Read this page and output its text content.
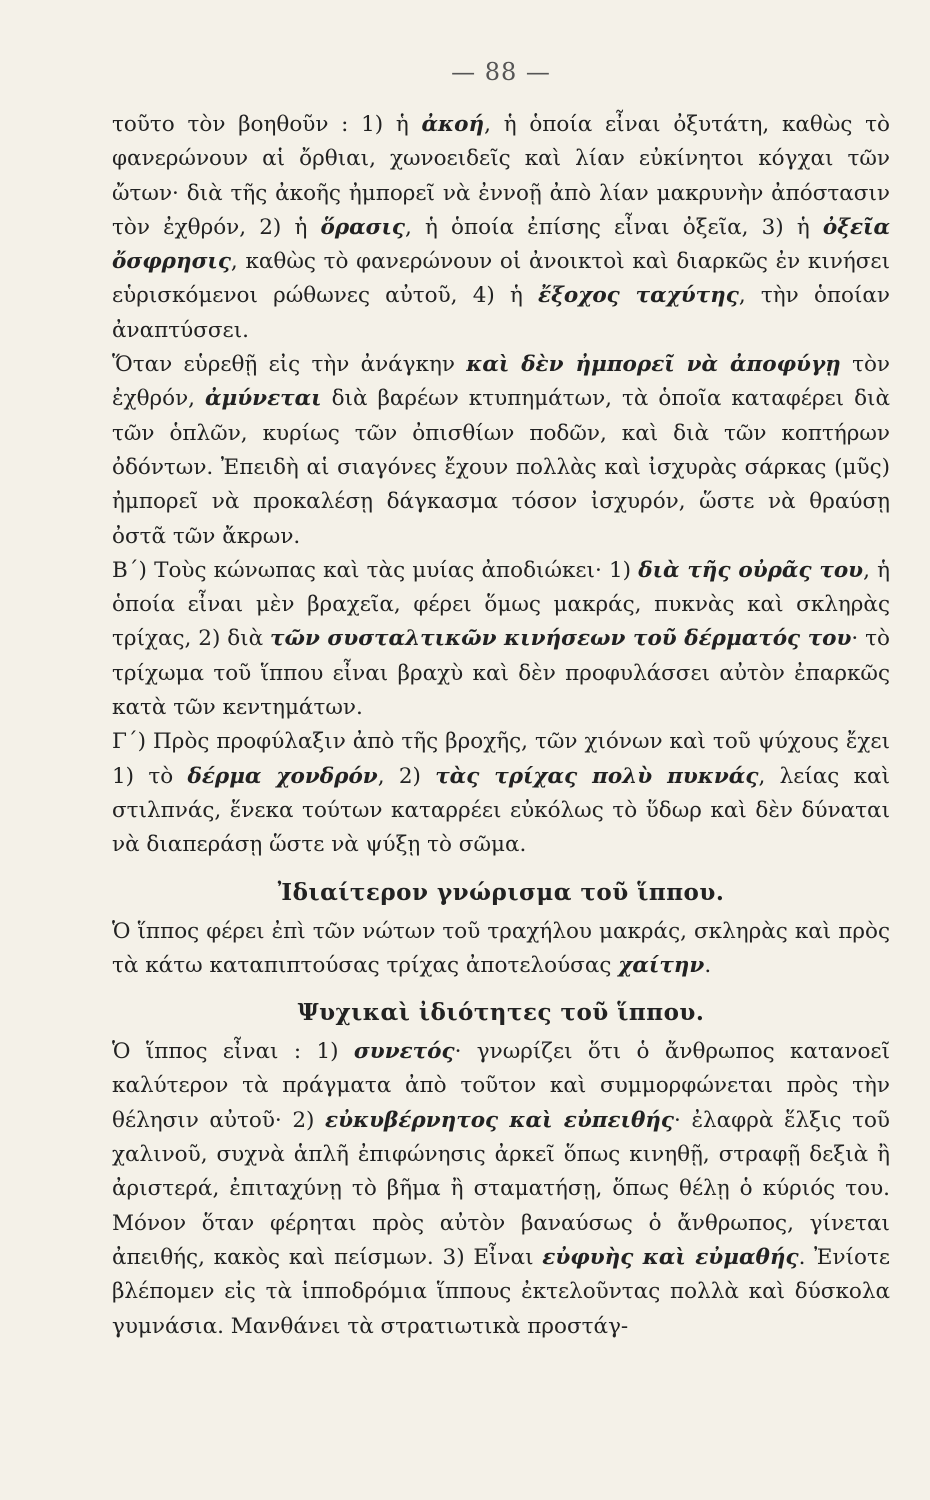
— 88 —

τοῦτο τὸν βοηθοῦν : 1) ἡ ἀκοή, ἡ ὁποία εἶναι ὀξυτάτη, καθὼς τὸ φανερώνουν αἱ ὄρθιαι, χωνοειδεῖς καὶ λίαν εὐκίνητοι κόγχαι τῶν ὤτων· διὰ τῆς ἀκοῆς ἠμπορεῖ νὰ ἐννοῇ ἀπὸ λίαν μακρυνὴν ἀπόστασιν τὸν ἐχθρόν, 2) ἡ ὅρασις, ἡ ὁποία ἐπίσης εἶναι ὀξεῖα, 3) ἡ ὀξεῖα ὄσφρησις, καθὼς τὸ φανερώνουν οἱ ἀνοικτοὶ καὶ διαρκῶς ἐν κινήσει εὑρισκόμενοι ρώθωνες αὐτοῦ, 4) ἡ ἔξοχος ταχύτης, τὴν ὁποίαν ἀναπτύσσει.

Ὅταν εὑρεθῇ εἰς τὴν ἀνάγκην καὶ δὲν ἠμπορεῖ νὰ ἀποφύγῃ τὸν ἐχθρόν, ἀμύνεται διὰ βαρέων κτυπημάτων, τὰ ὁποῖα καταφέρει διὰ τῶν ὁπλῶν, κυρίως τῶν ὀπισθίων ποδῶν, καὶ διὰ τῶν κοπτήρων ὀδόντων. Ἐπειδὴ αἱ σιαγόνες ἔχουν πολλὰς καὶ ἰσχυρὰς σάρκας (μῦς) ἠμπορεῖ νὰ προκαλέσῃ δάγκασμα τόσον ἰσχυρόν, ὥστε νὰ θραύσῃ ὀστᾶ τῶν ἄκρων.

Β΄) Τοὺς κώνωπας καὶ τὰς μυίας ἀποδιώκει· 1) διὰ τῆς οὐρᾶς του, ἡ ὁποία εἶναι μὲν βραχεῖα, φέρει ὅμως μακράς, πυκνὰς καὶ σκληρὰς τρίχας, 2) διὰ τῶν συσταλτικῶν κινήσεων τοῦ δέρματός του· τὸ τρίχωμα τοῦ ἵππου εἶναι βραχὺ καὶ δὲν προφυλάσσει αὐτὸν ἐπαρκῶς κατὰ τῶν κεντημάτων.

Γ΄) Πρὸς προφύλαξιν ἀπὸ τῆς βροχῆς, τῶν χιόνων καὶ τοῦ ψύχους ἔχει 1) τὸ δέρμα χονδρόν, 2) τὰς τρίχας πολὺ πυκνάς, λείας καὶ στιλπνάς, ἕνεκα τούτων καταρρέει εὐκόλως τὸ ὕδωρ καὶ δὲν δύναται νὰ διαπεράσῃ ὥστε νὰ ψύξῃ τὸ σῶμα.

Ἰδιαίτερον γνώρισμα τοῦ ἵππου.

Ὁ ἵππος φέρει ἐπὶ τῶν νώτων τοῦ τραχήλου μακράς, σκληρὰς καὶ πρὸς τὰ κάτω καταπιπτούσας τρίχας ἀποτελούσας χαίτην.

Ψυχικαὶ ἰδιότητες τοῦ ἵππου.

Ὁ ἵππος εἶναι : 1) συνετός· γνωρίζει ὅτι ὁ ἄνθρωπος κατανοεῖ καλύτερον τὰ πράγματα ἀπὸ τοῦτον καὶ συμμορφώνεται πρὸς τὴν θέλησιν αὐτοῦ· 2) εὐκυβέρνητος καὶ εὐπειθής· ἐλαφρὰ ἕλξις τοῦ χαλινοῦ, συχνὰ ἁπλῆ ἐπιφώνησις ἀρκεῖ ὅπως κινηθῇ, στραφῇ δεξιὰ ἢ ἀριστερά, ἐπιταχύνῃ τὸ βῆμα ἢ σταματήσῃ, ὅπως θέλῃ ὁ κύριός του. Μόνον ὅταν φέρηται πρὸς αὐτὸν βαναύσως ὁ ἄνθρωπος, γίνεται ἀπειθής, κακὸς καὶ πείσμων. 3) Εἶναι εὐφυὴς καὶ εὐμαθής. Ἐνίοτε βλέπομεν εἰς τὰ ἱπποδρόμια ἵππους ἐκτελοῦντας πολλὰ καὶ δύσκολα γυμνάσια. Μανθάνει τὰ στρατιωτικὰ προστάγ-
